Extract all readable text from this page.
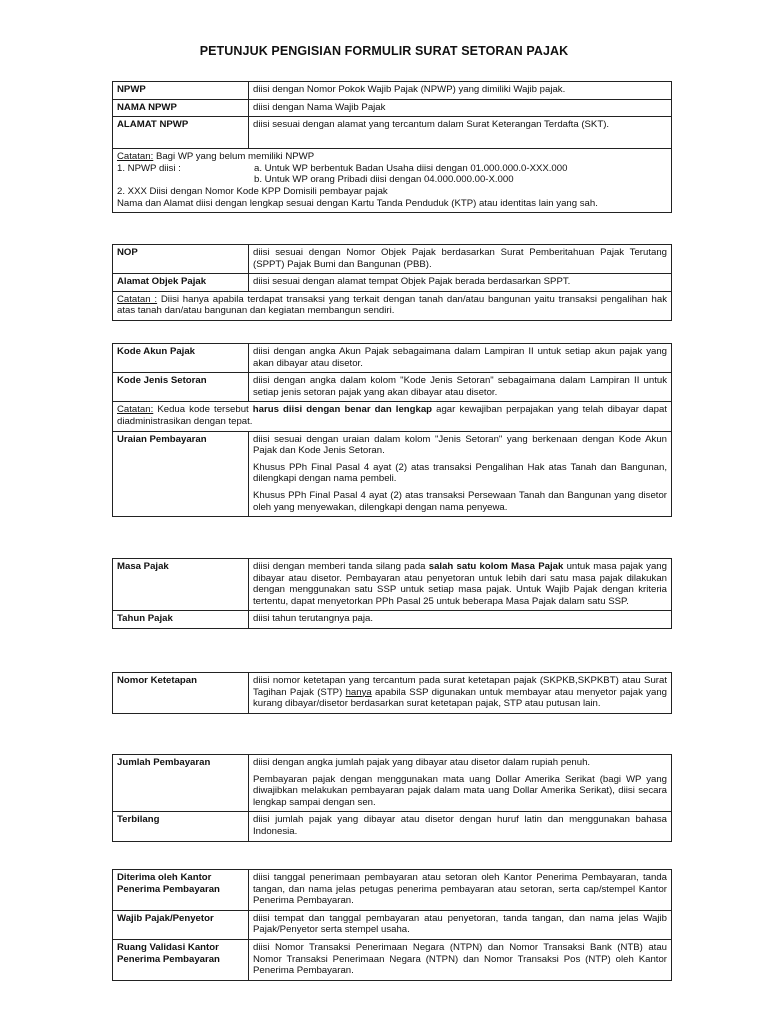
PETUNJUK PENGISIAN FORMULIR SURAT SETORAN PAJAK
NPWP	diisi dengan Nomor Pokok Wajib Pajak (NPWP) yang dimiliki Wajib pajak.

NAMA NPWP	diisi dengan Nama Wajib Pajak

ALAMAT NPWP	diisi sesuai dengan alamat yang tercantum dalam Surat Keterangan Terdafta (SKT).

Catatan: Bagi WP yang belum memiliki NPWP
1. NPWP diisi : a. Untuk WP berbentuk Badan Usaha diisi dengan 01.000.000.0-XXX.000
b. Untuk WP orang Pribadi diisi dengan 04.000.000.00-X.000
2. XXX Diisi dengan Nomor Kode KPP Domisili pembayar pajak
Nama dan Alamat diisi dengan lengkap sesuai dengan Kartu Tanda Penduduk (KTP) atau identitas lain yang sah.	
NOP	diisi sesuai dengan Nomor Objek Pajak berdasarkan Surat Pemberitahuan Pajak Terutang (SPPT) Pajak Bumi dan Bangunan (PBB).

Alamat Objek Pajak	diisi sesuai dengan alamat tempat Objek Pajak berada berdasarkan SPPT.

Catatan : Diisi hanya apabila terdapat transaksi yang terkait dengan tanah dan/atau bangunan yaitu transaksi pengalihan hak atas tanah dan/atau bangunan dan kegiatan membangun sendiri.	
Kode Akun Pajak	diisi dengan angka Akun Pajak sebagaimana dalam Lampiran II untuk setiap akun pajak yang akan dibayar atau disetor.

Kode Jenis Setoran	diisi dengan angka dalam kolom "Kode Jenis Setoran" sebagaimana dalam Lampiran II untuk setiap jenis setoran pajak yang akan dibayar atau disetor.

Catatan: Kedua kode tersebut harus diisi dengan benar dan lengkap agar kewajiban perpajakan yang telah dibayar dapat diadministrasikan dengan tepat.	

Uraian Pembayaran	diisi sesuai dengan uraian dalam kolom "Jenis Setoran" yang berkenaan dengan Kode Akun Pajak dan Kode Jenis Setoran.

Khusus PPh Final Pasal 4 ayat (2) atas transaksi Pengalihan Hak atas Tanah dan Bangunan, dilengkapi dengan nama pembeli.

Khusus PPh Final Pasal 4 ayat (2) atas transaksi Persewaan Tanah dan Bangunan yang disetor oleh yang menyewakan, dilengkapi dengan nama penyewa.

Masa Pajak	diisi dengan memberi tanda silang pada salah satu kolom Masa Pajak untuk masa pajak yang dibayar atau disetor. Pembayaran atau penyetoran untuk lebih dari satu masa pajak dilakukan dengan menggunakan satu SSP untuk setiap masa pajak. Untuk Wajib Pajak dengan kriteria tertentu, dapat menyetorkan PPh Pasal 25 untuk beberapa Masa Pajak dalam satu SSP.

Tahun Pajak	diisi tahun terutangnya paja.

Nomor Ketetapan	diisi nomor ketetapan yang tercantum pada surat ketetapan pajak (SKPKB,SKPKBT) atau Surat Tagihan Pajak (STP) hanya apabila SSP digunakan untuk membayar atau menyetor pajak yang kurang dibayar/disetor berdasarkan surat ketetapan pajak, STP atau putusan lain.

Jumlah Pembayaran	diisi dengan angka jumlah pajak yang dibayar atau disetor dalam rupiah penuh.

Pembayaran pajak dengan menggunakan mata uang Dollar Amerika Serikat (bagi WP yang diwajibkan melakukan pembayaran pajak dalam mata uang Dollar Amerika Serikat), diisi secara lengkap sampai dengan sen.

Terbilang	diisi jumlah pajak yang dibayar atau disetor dengan huruf latin dan menggunakan bahasa Indonesia.

Diterima oleh Kantor Penerima Pembayaran	diisi tanggal penerimaan pembayaran atau setoran oleh Kantor Penerima Pembayaran, tanda tangan, dan nama jelas petugas penerima pembayaran atau setoran, serta cap/stempel Kantor Penerima Pembayaran.

Wajib Pajak/Penyetor	diisi tempat dan tanggal pembayaran atau penyetoran, tanda tangan, dan nama jelas Wajib Pajak/Penyetor serta stempel usaha.

Ruang Validasi Kantor Penerima Pembayaran	diisi Nomor Transaksi Penerimaan Negara (NTPN) dan Nomor Transaksi Bank (NTB) atau Nomor Transaksi Penerimaan Negara (NTPN) dan Nomor Transaksi Pos (NTP) oleh Kantor Penerima Pembayaran.
